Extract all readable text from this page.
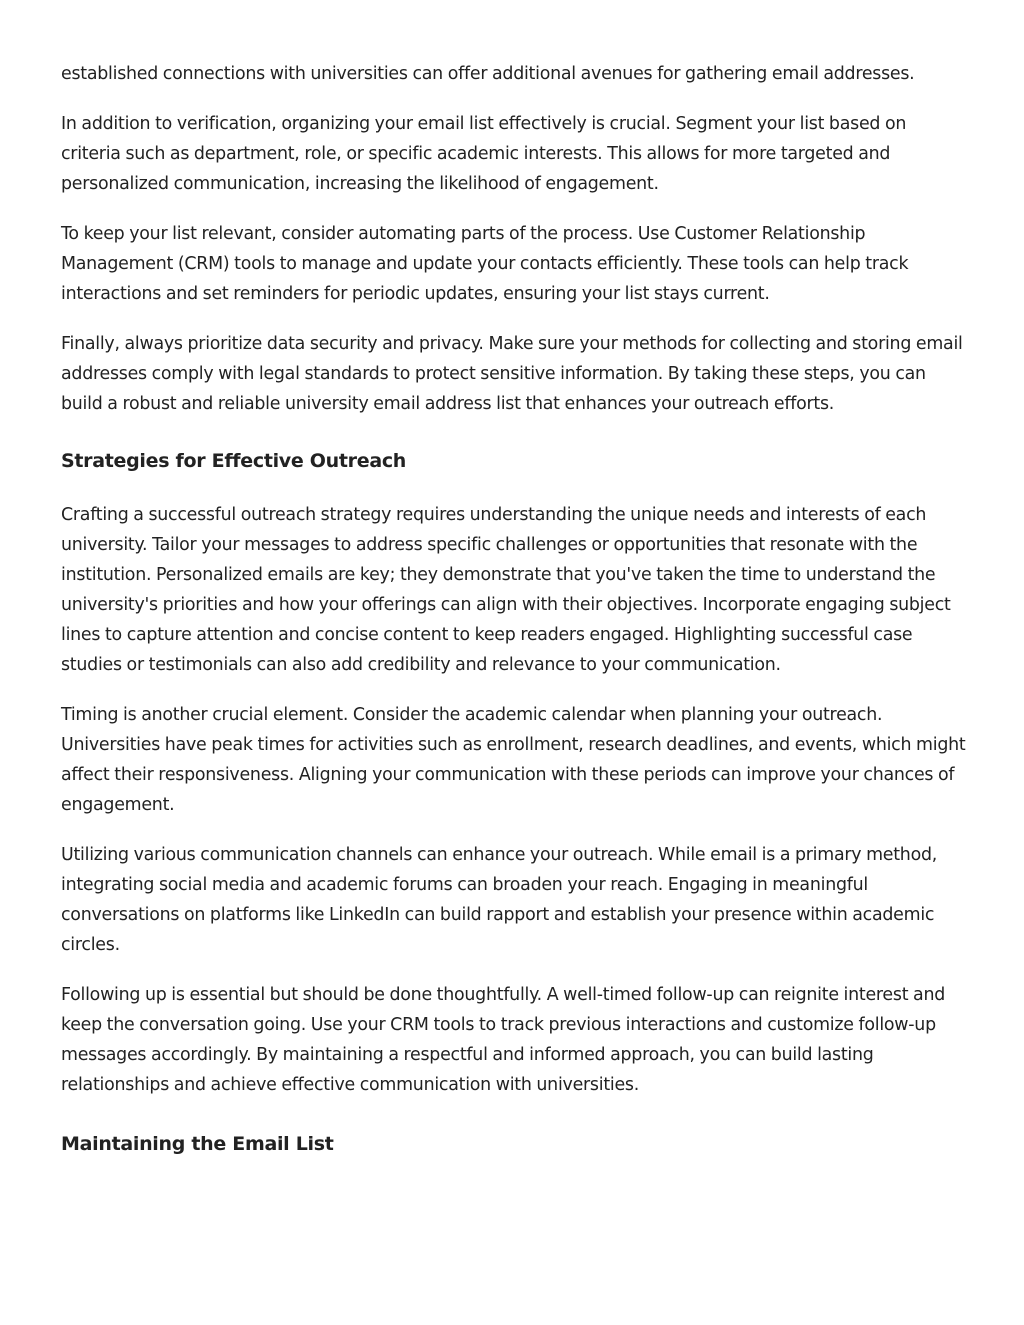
established connections with universities can offer additional avenues for gathering email addresses.

In addition to verification, organizing your email list effectively is crucial. Segment your list based on criteria such as department, role, or specific academic interests. This allows for more targeted and personalized communication, increasing the likelihood of engagement.

To keep your list relevant, consider automating parts of the process. Use Customer Relationship Management (CRM) tools to manage and update your contacts efficiently. These tools can help track interactions and set reminders for periodic updates, ensuring your list stays current.

Finally, always prioritize data security and privacy. Make sure your methods for collecting and storing email addresses comply with legal standards to protect sensitive information. By taking these steps, you can build a robust and reliable university email address list that enhances your outreach efforts.

Strategies for Effective Outreach

Crafting a successful outreach strategy requires understanding the unique needs and interests of each university. Tailor your messages to address specific challenges or opportunities that resonate with the institution. Personalized emails are key; they demonstrate that you've taken the time to understand the university's priorities and how your offerings can align with their objectives. Incorporate engaging subject lines to capture attention and concise content to keep readers engaged. Highlighting successful case studies or testimonials can also add credibility and relevance to your communication.

Timing is another crucial element. Consider the academic calendar when planning your outreach. Universities have peak times for activities such as enrollment, research deadlines, and events, which might affect their responsiveness. Aligning your communication with these periods can improve your chances of engagement.

Utilizing various communication channels can enhance your outreach. While email is a primary method, integrating social media and academic forums can broaden your reach. Engaging in meaningful conversations on platforms like LinkedIn can build rapport and establish your presence within academic circles.

Following up is essential but should be done thoughtfully. A well-timed follow-up can reignite interest and keep the conversation going. Use your CRM tools to track previous interactions and customize follow-up messages accordingly. By maintaining a respectful and informed approach, you can build lasting relationships and achieve effective communication with universities.

Maintaining the Email List
